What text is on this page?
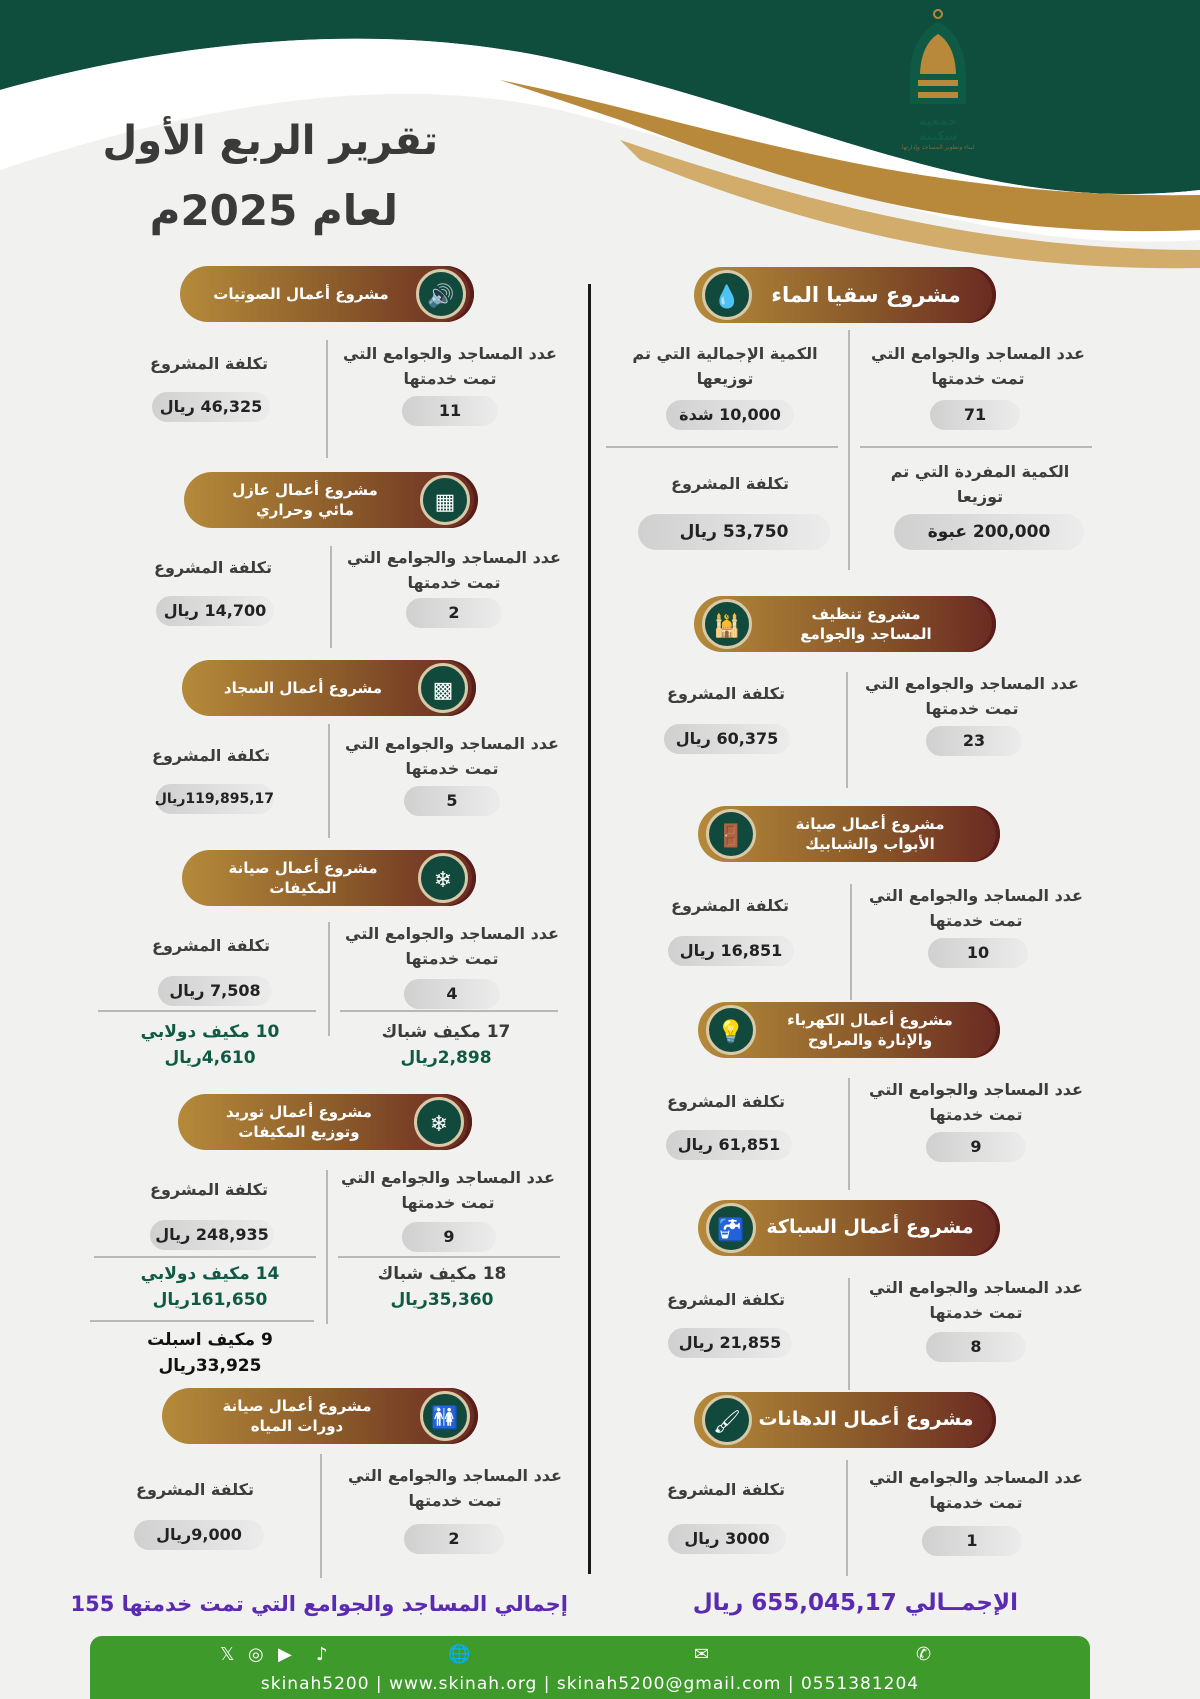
جمعية سكينة
لبناء وتطوير المساجد وإدارتها
تقرير الربع الأول
لعام 2025م
💧	مشروع سقيا الماء
عدد المساجد والجوامع التي تمت خدمتها
71
الكمية الإجمالية التي تم توزيعها
10,000 شدة
الكمية المفردة التي تم توزيعا
200,000 عبوة
تكلفة المشروع
53,750 ريال
🕌
مشروع تنظيف المساجد والجوامع
عدد المساجد والجوامع التي تمت خدمتها
23
تكلفة المشروع
60,375 ريال
🚪
مشروع أعمال صيانة الأبواب والشبابيك
عدد المساجد والجوامع التي تمت خدمتها
10
تكلفة المشروع
16,851 ريال
💡
مشروع أعمال الكهرباء والإنارة والمراوح
عدد المساجد والجوامع التي تمت خدمتها
9
تكلفة المشروع
61,851 ريال
🚰	مشروع أعمال السباكة
عدد المساجد والجوامع التي تمت خدمتها
8
تكلفة المشروع
21,855 ريال
🖌 مشروع أعمال الدهانات
عدد المساجد والجوامع التي تمت خدمتها
1
تكلفة المشروع
3000 ريال
🔊
مشروع أعمال الصوتيات
عدد المساجد والجوامع التي تمت خدمتها
11
تكلفة المشروع
46,325 ريال
▦
مشروع أعمال عازل مائي وحراري
عدد المساجد والجوامع التي تمت خدمتها
2
تكلفة المشروع
14,700 ريال
▩
مشروع أعمال السجاد
عدد المساجد والجوامع التي تمت خدمتها
5
تكلفة المشروع
119,895,17ريال
❄
مشروع أعمال صيانة المكيفات
عدد المساجد والجوامع التي تمت خدمتها
4
تكلفة المشروع
7,508 ريال
17 مكيف شباك
2,898ريال
10 مكيف دولابي
4,610ريال
❄
مشروع أعمال توريد وتوزيع المكيفات
عدد المساجد والجوامع التي تمت خدمتها
9
تكلفة المشروع
248,935 ريال
18 مكيف شباك
35,360ريال
14 مكيف دولابي
161,650ريال
9 مكيف اسبلت
33,925ريال
🚻
مشروع أعمال صيانة دورات المياه
عدد المساجد والجوامع التي تمت خدمتها
2
تكلفة المشروع
9,000ريال
الإجمــالي 655,045,17 ريال
إجمالي المساجد والجوامع التي تمت خدمتها 155
𝕏 ◎ ▶ ♪	🌐	✉	✆
skinah5200 | www.skinah.org | skinah5200@gmail.com | 0551381204
